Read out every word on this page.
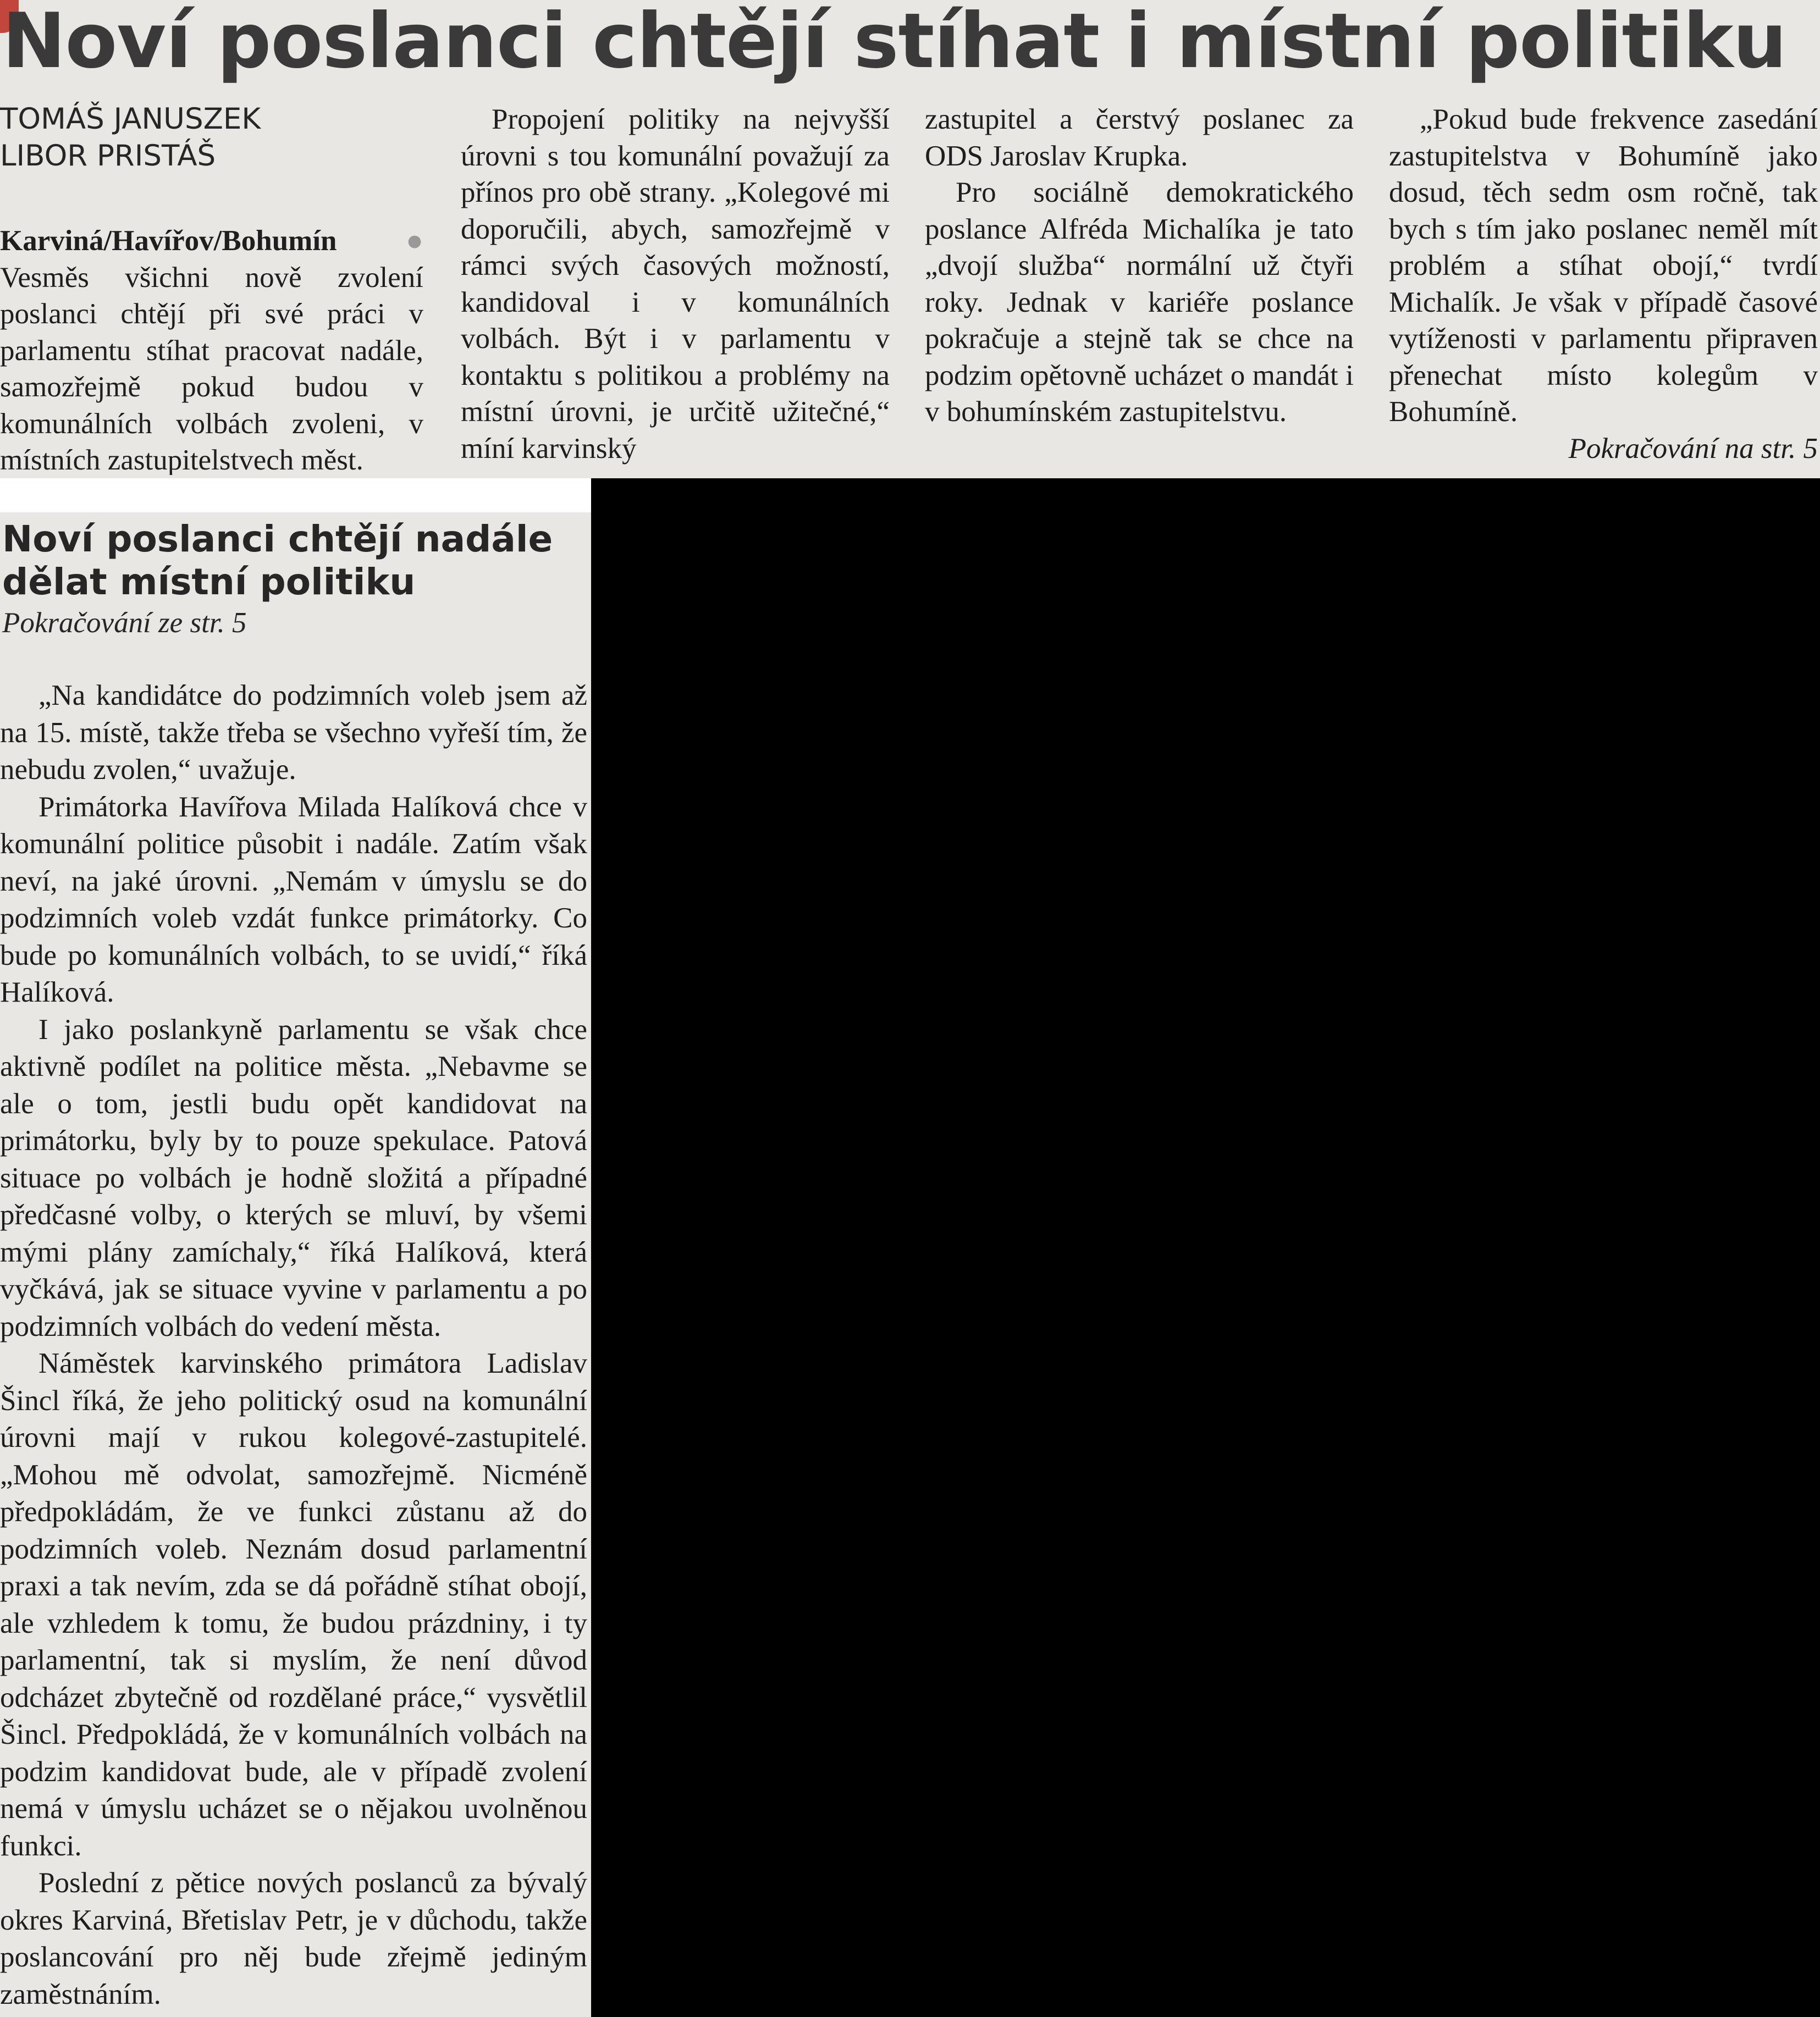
Noví poslanci chtějí stíhat i místní politiku

TOMÁŠ JANUSZEK

LIBOR PRISTÁŠ

Karviná/Havířov/Bohumín ● Vesměs všichni nově zvolení poslanci chtějí při své práci v parlamentu stíhat pracovat nadále, samozřejmě pokud budou v komunálních volbách zvoleni, v místních zastupitelstvech měst.

Propojení politiky na nejvyšší úrovni s tou komunální považují za přínos pro obě strany. „Kolegové mi doporučili, abych, samozřejmě v rámci svých časových možností, kandidoval i v komunálních volbách. Být i v parlamentu v kontaktu s politikou a problémy na místní úrovni, je určitě užitečné,“ míní karvinský

zastupitel a čerstvý poslanec za ODS Jaroslav Krupka.

Pro sociálně demokratického poslance Alfréda Michalíka je tato „dvojí služba“ normální už čtyři roky. Jednak v kariéře poslance pokračuje a stejně tak se chce na podzim opětovně ucházet o mandát i v bohumínském zastupitelstvu.

„Pokud bude frekvence zasedání zastupitelstva v Bohumíně jako dosud, těch sedm osm ročně, tak bych s tím jako poslanec neměl mít problém a stíhat obojí,“ tvrdí Michalík. Je však v případě časové vytíženosti v parlamentu připraven přenechat místo kolegům v Bohumíně.

Pokračování na str. 5

Noví poslanci chtějí nadále dělat místní politiku

Pokračování ze str. 5

„Na kandidátce do podzimních voleb jsem až na 15. místě, takže třeba se všechno vyřeší tím, že nebudu zvolen,“ uvažuje.

Primátorka Havířova Milada Halíková chce v komunální politice působit i nadále. Zatím však neví, na jaké úrovni. „Nemám v úmyslu se do podzimních voleb vzdát funkce primátorky. Co bude po komunálních volbách, to se uvidí,“ říká Halíková.

I jako poslankyně parlamentu se však chce aktivně podílet na politice města. „Nebavme se ale o tom, jestli budu opět kandidovat na primátorku, byly by to pouze spekulace. Patová situace po volbách je hodně složitá a případné předčasné volby, o kterých se mluví, by všemi mými plány zamíchaly,“ říká Halíková, která vyčkává, jak se situace vyvine v parlamentu a po podzimních volbách do vedení města.

Náměstek karvinského primátora Ladislav Šincl říká, že jeho politický osud na komunální úrovni mají v rukou kolegové-zastupitelé. „Mohou mě odvolat, samozřejmě. Nicméně předpokládám, že ve funkci zůstanu až do podzimních voleb. Neznám dosud parlamentní praxi a tak nevím, zda se dá pořádně stíhat obojí, ale vzhledem k tomu, že budou prázdniny, i ty parlamentní, tak si myslím, že není důvod odcházet zbytečně od rozdělané práce,“ vysvětlil Šincl. Předpokládá, že v komunálních volbách na podzim kandidovat bude, ale v případě zvolení nemá v úmyslu ucházet se o nějakou uvolněnou funkci.

Poslední z pětice nových poslanců za bývalý okres Karviná, Břetislav Petr, je v důchodu, takže poslancování pro něj bude zřejmě jediným zaměstnáním.
